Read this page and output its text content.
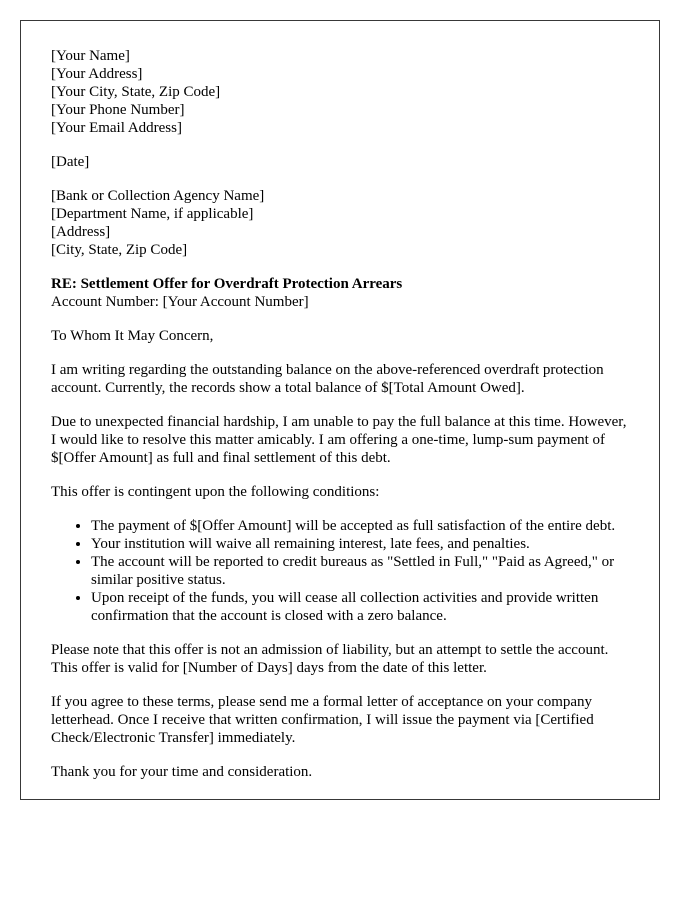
[Your Name]
[Your Address]
[Your City, State, Zip Code]
[Your Phone Number]
[Your Email Address]
[Date]
[Bank or Collection Agency Name]
[Department Name, if applicable]
[Address]
[City, State, Zip Code]
RE: Settlement Offer for Overdraft Protection Arrears
Account Number: [Your Account Number]
To Whom It May Concern,
I am writing regarding the outstanding balance on the above-referenced overdraft protection account. Currently, the records show a total balance of $[Total Amount Owed].
Due to unexpected financial hardship, I am unable to pay the full balance at this time. However, I would like to resolve this matter amicably. I am offering a one-time, lump-sum payment of $[Offer Amount] as full and final settlement of this debt.
This offer is contingent upon the following conditions:
• The payment of $[Offer Amount] will be accepted as full satisfaction of the entire debt.
• Your institution will waive all remaining interest, late fees, and penalties.
• The account will be reported to credit bureaus as "Settled in Full," "Paid as Agreed," or similar positive status.
• Upon receipt of the funds, you will cease all collection activities and provide written confirmation that the account is closed with a zero balance.
Please note that this offer is not an admission of liability, but an attempt to settle the account. This offer is valid for [Number of Days] days from the date of this letter.
If you agree to these terms, please send me a formal letter of acceptance on your company letterhead. Once I receive that written confirmation, I will issue the payment via [Certified Check/Electronic Transfer] immediately.
Thank you for your time and consideration.
